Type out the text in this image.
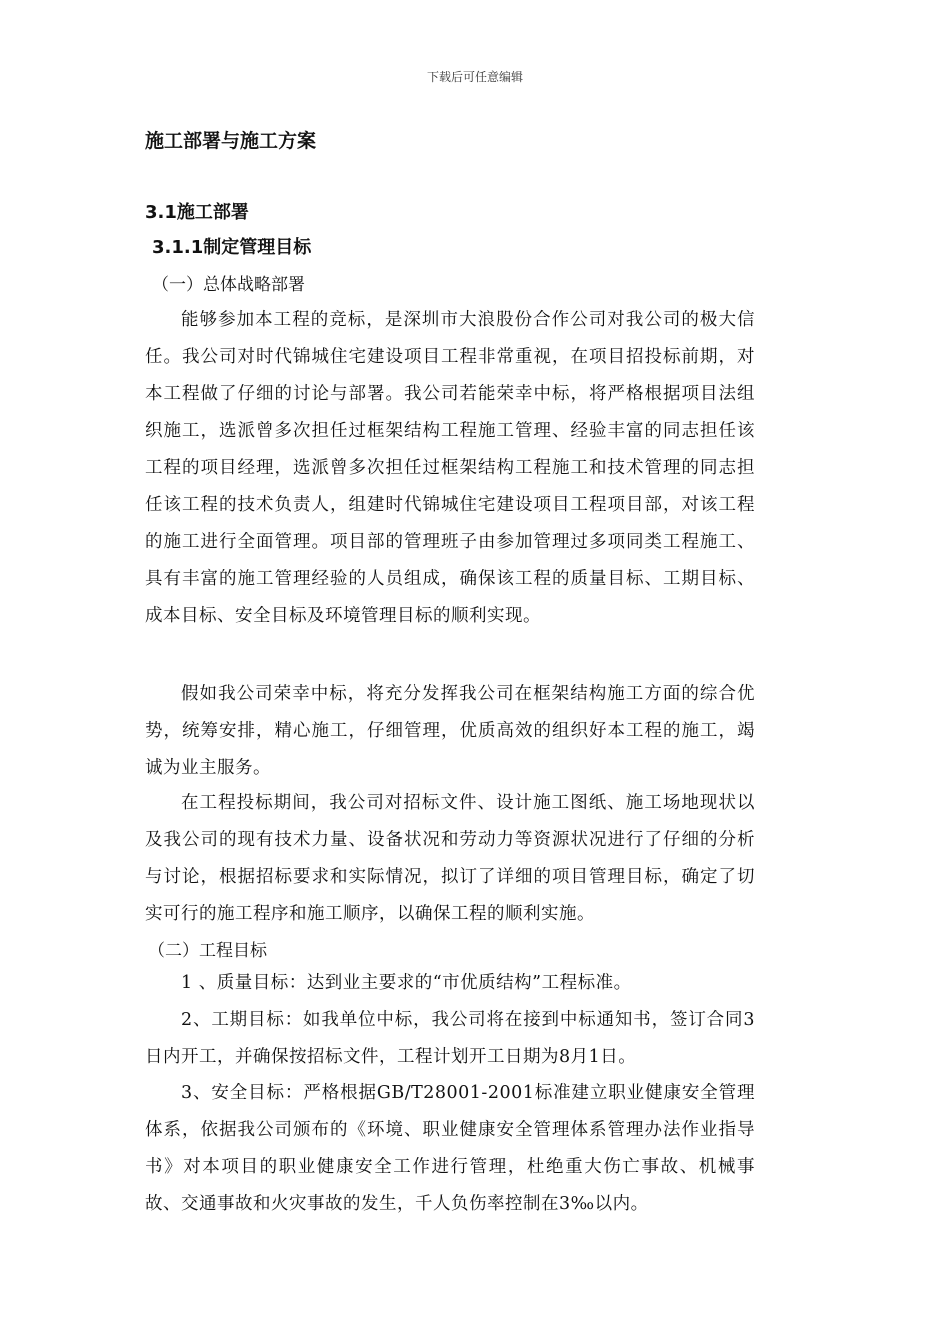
下载后可任意编辑
施工部署与施工方案
3.1施工部署
3.1.1制定管理目标
（一）总体战略部署

能够参加本工程的竞标，是深圳市大浪股份合作公司对我公司的极大信任。我公司对时代锦城住宅建设项目工程非常重视，在项目招投标前期，对本工程做了仔细的讨论与部署。我公司若能荣幸中标，将严格根据项目法组织施工，选派曾多次担任过框架结构工程施工管理、经验丰富的同志担任该工程的项目经理，选派曾多次担任过框架结构工程施工和技术管理的同志担任该工程的技术负责人，组建时代锦城住宅建设项目工程项目部，对该工程的施工进行全面管理。项目部的管理班子由参加管理过多项同类工程施工、具有丰富的施工管理经验的人员组成，确保该工程的质量目标、工期目标、成本目标、安全目标及环境管理目标的顺利实现。

假如我公司荣幸中标，将充分发挥我公司在框架结构施工方面的综合优势，统筹安排，精心施工，仔细管理，优质高效的组织好本工程的施工，竭诚为业主服务。

在工程投标期间，我公司对招标文件、设计施工图纸、施工场地现状以及我公司的现有技术力量、设备状况和劳动力等资源状况进行了仔细的分析与讨论，根据招标要求和实际情况，拟订了详细的项目管理目标，确定了切实可行的施工程序和施工顺序，以确保工程的顺利实施。

（二）工程目标

1 、质量目标：达到业主要求的“市优质结构”工程标准。

2、工期目标：如我单位中标，我公司将在接到中标通知书，签订合同3日内开工，并确保按招标文件，工程计划开工日期为8月1日。

3、安全目标：严格根据GB/T28001-2001标准建立职业健康安全管理体系，依据我公司颁布的《环境、职业健康安全管理体系管理办法作业指导书》对本项目的职业健康安全工作进行管理，杜绝重大伤亡事故、机械事故、交通事故和火灾事故的发生，千人负伤率控制在3‰以内。
